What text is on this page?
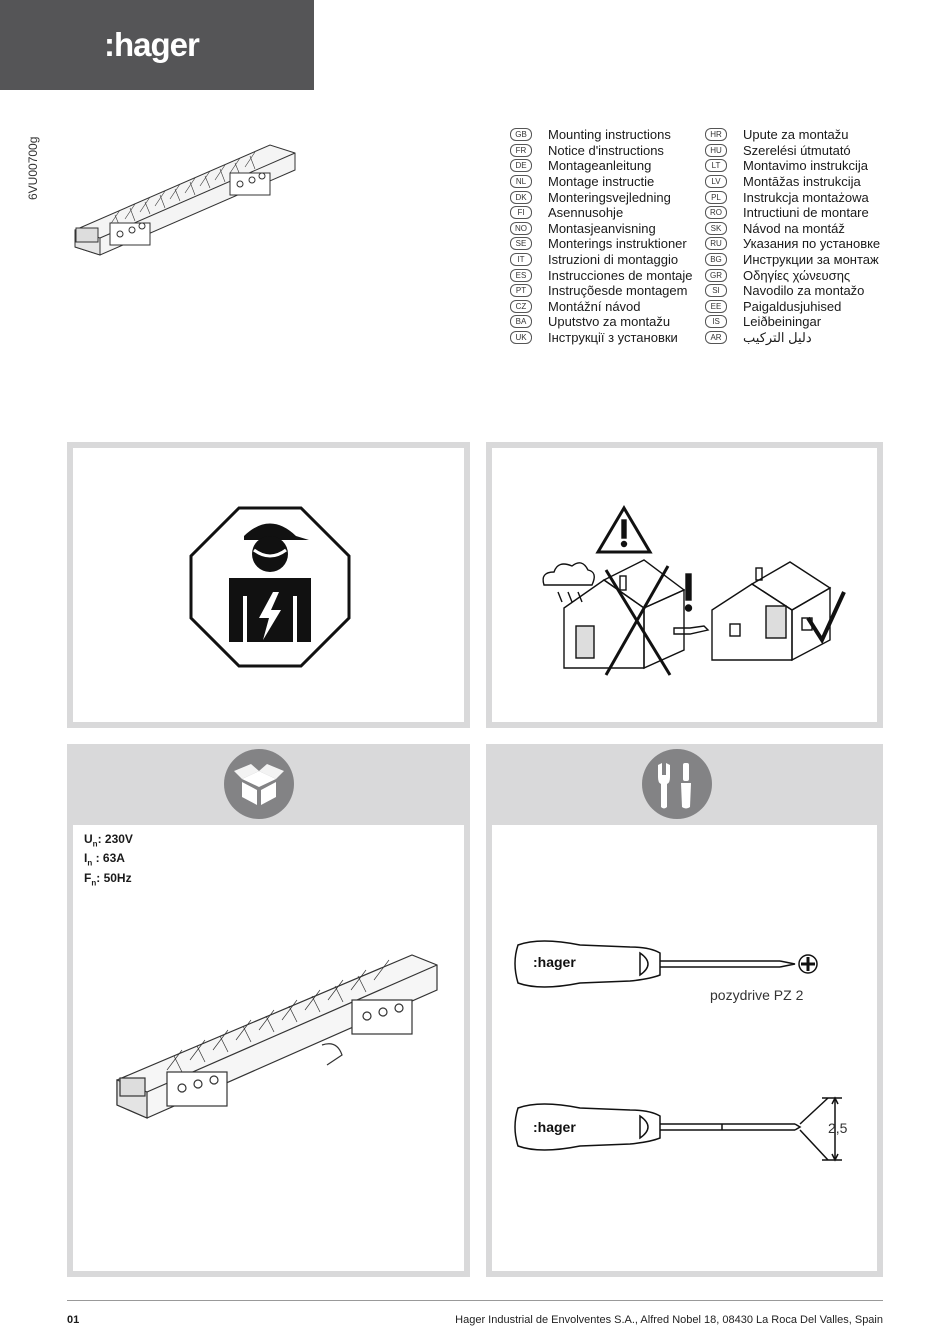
:hager
6VU00700g
GB	Mounting instructions
FR	Notice d'instructions
DE	Montageanleitung
NL	Montage instructie
DK	Monteringsvejledning
FI	Asennusohje
NO	Montasjeanvisning
SE	Monterings instruktioner
IT	Istruzioni di montaggio
ES	Instrucciones de montaje
PT	Instruçõesde montagem
CZ	Montážní návod
BA	Uputstvo za montažu
UK	Інструкції з установки
HR	Upute za montažu
HU	Szerelési útmutató
LT	Montavimo instrukcija
LV	Montāžas instrukcija
PL	Instrukcja montażowa
RO	Intructiuni de montare
SK	Návod na montáž
RU	Указания по установке
BG	Инструкции за монтаж
GR	Οδηγίες χώνευσης
SI	Navodilo za montažo
EE	Paigaldusjuhised
IS	Leiðbeiningar
AR	دليل التركيب
$U_n$: 230V
$I_n$ : 63A
$F_n$: 50Hz
:hager
pozydrive PZ 2
:hager	2,5
01	Hager Industrial de Envolventes S.A., Alfred Nobel 18, 08430 La Roca Del Valles, Spain
